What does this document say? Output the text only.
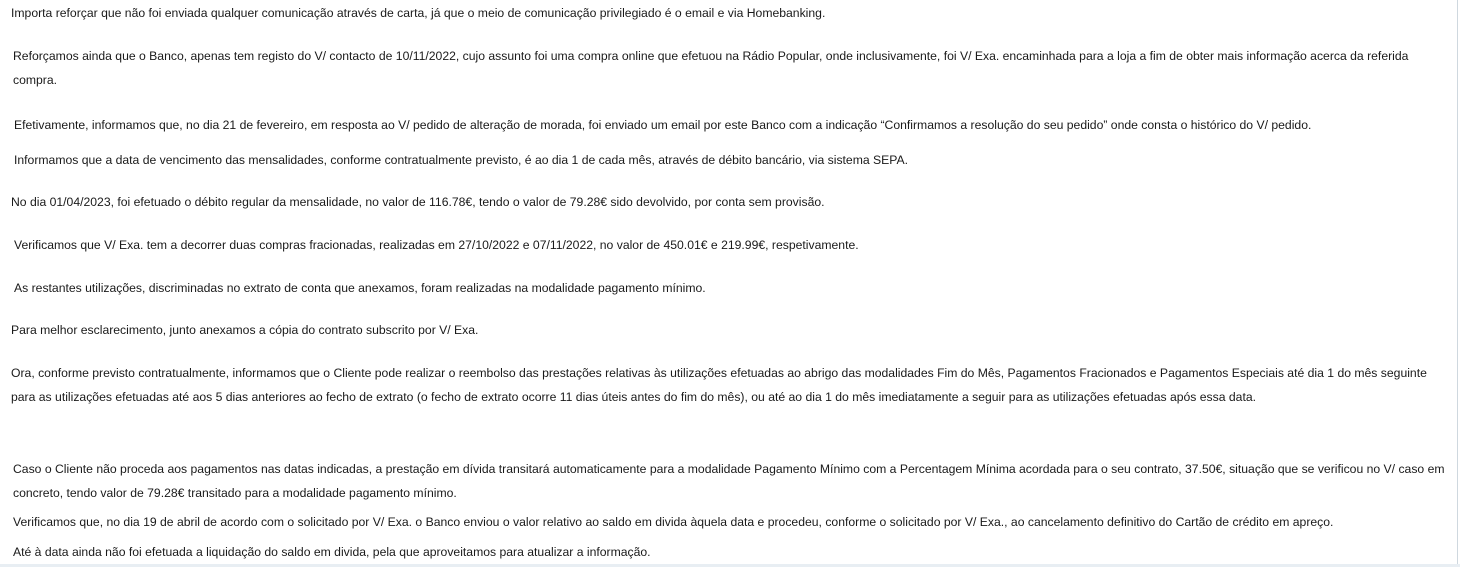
Importa reforçar que não foi enviada qualquer comunicação através de carta, já que o meio de comunicação privilegiado é o email e via Homebanking.

Reforçamos ainda que o Banco, apenas tem registo do V/ contacto de 10/11/2022, cujo assunto foi uma compra online que efetuou na Rádio Popular, onde inclusivamente, foi V/ Exa. encaminhada para a loja a fim de obter mais informação acerca da referida compra.

Efetivamente, informamos que, no dia 21 de fevereiro, em resposta ao V/ pedido de alteração de morada, foi enviado um email por este Banco com a indicação “Confirmamos a resolução do seu pedido” onde consta o histórico do V/ pedido.

Informamos que a data de vencimento das mensalidades, conforme contratualmente previsto, é ao dia 1 de cada mês, através de débito bancário, via sistema SEPA.

No dia 01/04/2023, foi efetuado o débito regular da mensalidade, no valor de 116.78€, tendo o valor de 79.28€ sido devolvido, por conta sem provisão.

Verificamos que V/ Exa. tem a decorrer duas compras fracionadas, realizadas em 27/10/2022 e 07/11/2022, no valor de 450.01€ e 219.99€, respetivamente.

As restantes utilizações, discriminadas no extrato de conta que anexamos, foram realizadas na modalidade pagamento mínimo.

Para melhor esclarecimento, junto anexamos a cópia do contrato subscrito por V/ Exa.

Ora, conforme previsto contratualmente, informamos que o Cliente pode realizar o reembolso das prestações relativas às utilizações efetuadas ao abrigo das modalidades Fim do Mês, Pagamentos Fracionados e Pagamentos Especiais até dia 1 do mês seguinte para as utilizações efetuadas até aos 5 dias anteriores ao fecho de extrato (o fecho de extrato ocorre 11 dias úteis antes do fim do mês), ou até ao dia 1 do mês imediatamente a seguir para as utilizações efetuadas após essa data.

Caso o Cliente não proceda aos pagamentos nas datas indicadas, a prestação em dívida transitará automaticamente para a modalidade Pagamento Mínimo com a Percentagem Mínima acordada para o seu contrato, 37.50€, situação que se verificou no V/ caso em concreto, tendo valor de 79.28€ transitado para a modalidade pagamento mínimo.

Verificamos que, no dia 19 de abril de acordo com o solicitado por V/ Exa. o Banco enviou o valor relativo ao saldo em divida àquela data e procedeu, conforme o solicitado por V/ Exa., ao cancelamento definitivo do Cartão de crédito em apreço.

Até à data ainda não foi efetuada a liquidação do saldo em divida, pela que aproveitamos para atualizar a informação.
